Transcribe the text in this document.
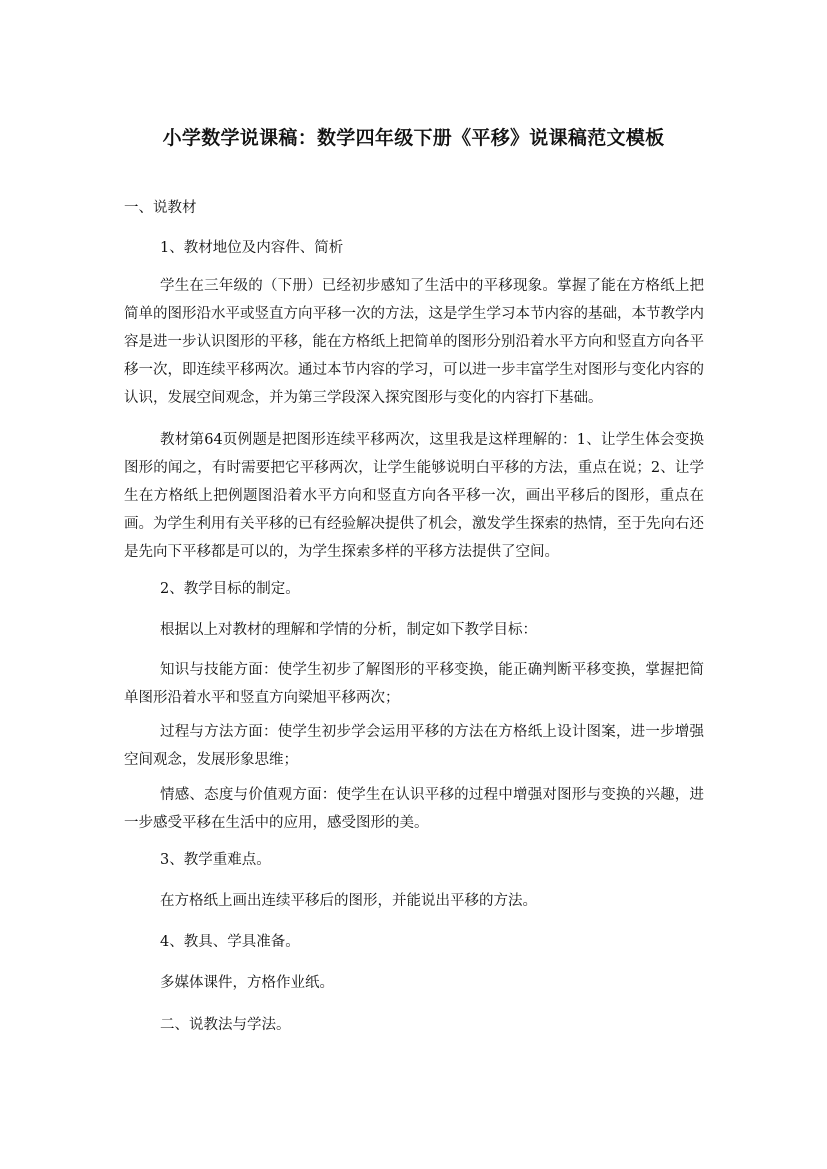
小学数学说课稿：数学四年级下册《平移》说课稿范文模板
一、说教材
1、教材地位及内容件、简析
学生在三年级的（下册）已经初步感知了生活中的平移现象。掌握了能在方格纸上把简单的图形沿水平或竖直方向平移一次的方法，这是学生学习本节内容的基础，本节教学内容是进一步认识图形的平移，能在方格纸上把简单的图形分别沿着水平方向和竖直方向各平移一次，即连续平移两次。通过本节内容的学习，可以进一步丰富学生对图形与变化内容的认识，发展空间观念，并为第三学段深入探究图形与变化的内容打下基础。
教材第64页例题是把图形连续平移两次，这里我是这样理解的：1、让学生体会变换图形的闻之，有时需要把它平移两次，让学生能够说明白平移的方法，重点在说；2、让学生在方格纸上把例题图沿着水平方向和竖直方向各平移一次，画出平移后的图形，重点在画。为学生利用有关平移的已有经验解决提供了机会，激发学生探索的热情，至于先向右还是先向下平移都是可以的，为学生探索多样的平移方法提供了空间。
2、教学目标的制定。
根据以上对教材的理解和学情的分析，制定如下教学目标：
知识与技能方面：使学生初步了解图形的平移变换，能正确判断平移变换，掌握把简单图形沿着水平和竖直方向梁旭平移两次；
过程与方法方面：使学生初步学会运用平移的方法在方格纸上设计图案，进一步增强空间观念，发展形象思维；
情感、态度与价值观方面：使学生在认识平移的过程中增强对图形与变换的兴趣，进一步感受平移在生活中的应用，感受图形的美。
3、教学重难点。
在方格纸上画出连续平移后的图形，并能说出平移的方法。
4、教具、学具准备。
多媒体课件，方格作业纸。
二、说教法与学法。
